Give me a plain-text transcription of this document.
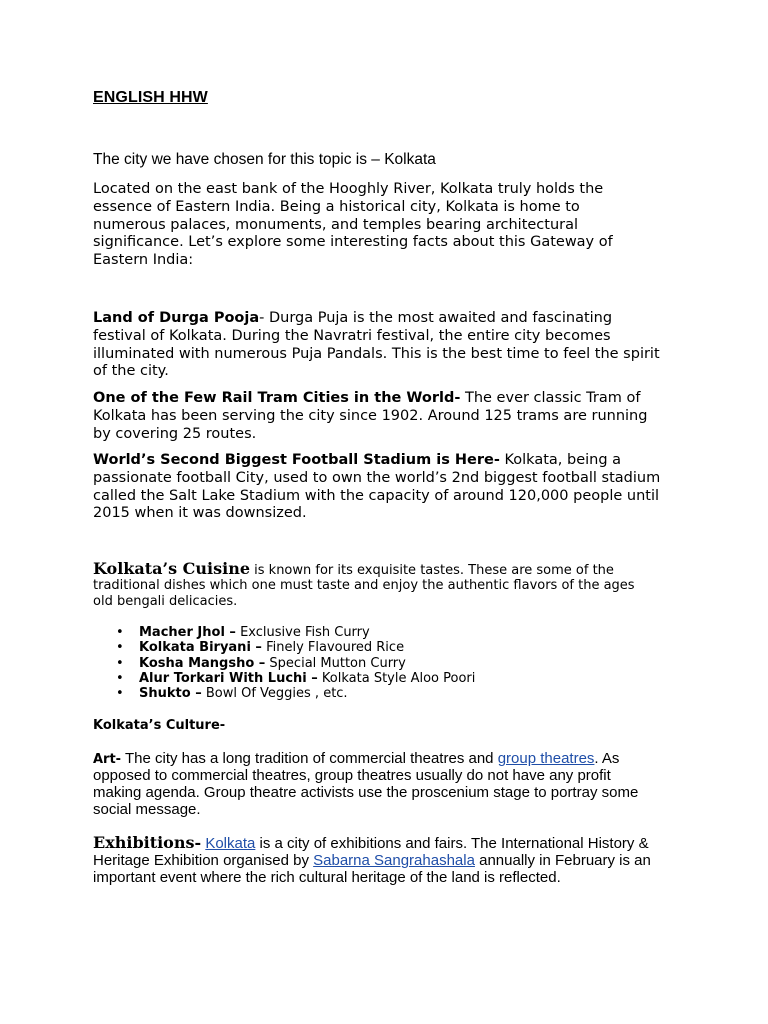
ENGLISH HHW
The city we have chosen for this topic is – Kolkata
Located on the east bank of the Hooghly River, Kolkata truly holds the
essence of Eastern India. Being a historical city, Kolkata is home to
numerous palaces, monuments, and temples bearing architectural
significance. Let’s explore some interesting facts about this Gateway of
Eastern India:
Land of Durga Pooja- Durga Puja is the most awaited and fascinating
festival of Kolkata. During the Navratri festival, the entire city becomes
illuminated with numerous Puja Pandals. This is the best time to feel the spirit
of the city.
One of the Few Rail Tram Cities in the World- The ever classic Tram of
Kolkata has been serving the city since 1902. Around 125 trams are running
by covering 25 routes.
World’s Second Biggest Football Stadium is Here- Kolkata, being a
passionate football City, used to own the world’s 2nd biggest football stadium
called the Salt Lake Stadium with the capacity of around 120,000 people until
2015 when it was downsized.
Kolkata’s Cuisine is known for its exquisite tastes. These are some of the
traditional dishes which one must taste and enjoy the authentic flavors of the ages
old bengali delicacies.
• Macher Jhol – Exclusive Fish Curry
• Kolkata Biryani – Finely Flavoured Rice
• Kosha Mangsho – Special Mutton Curry
• Alur Torkari With Luchi – Kolkata Style Aloo Poori
• Shukto – Bowl Of Veggies , etc.
Kolkata’s Culture-
Art- The city has a long tradition of commercial theatres and group theatres. As
opposed to commercial theatres, group theatres usually do not have any profit
making agenda. Group theatre activists use the proscenium stage to portray some
social message.
Exhibitions- Kolkata is a city of exhibitions and fairs. The International History &
Heritage Exhibition organised by Sabarna Sangrahashala annually in February is an
important event where the rich cultural heritage of the land is reflected.
